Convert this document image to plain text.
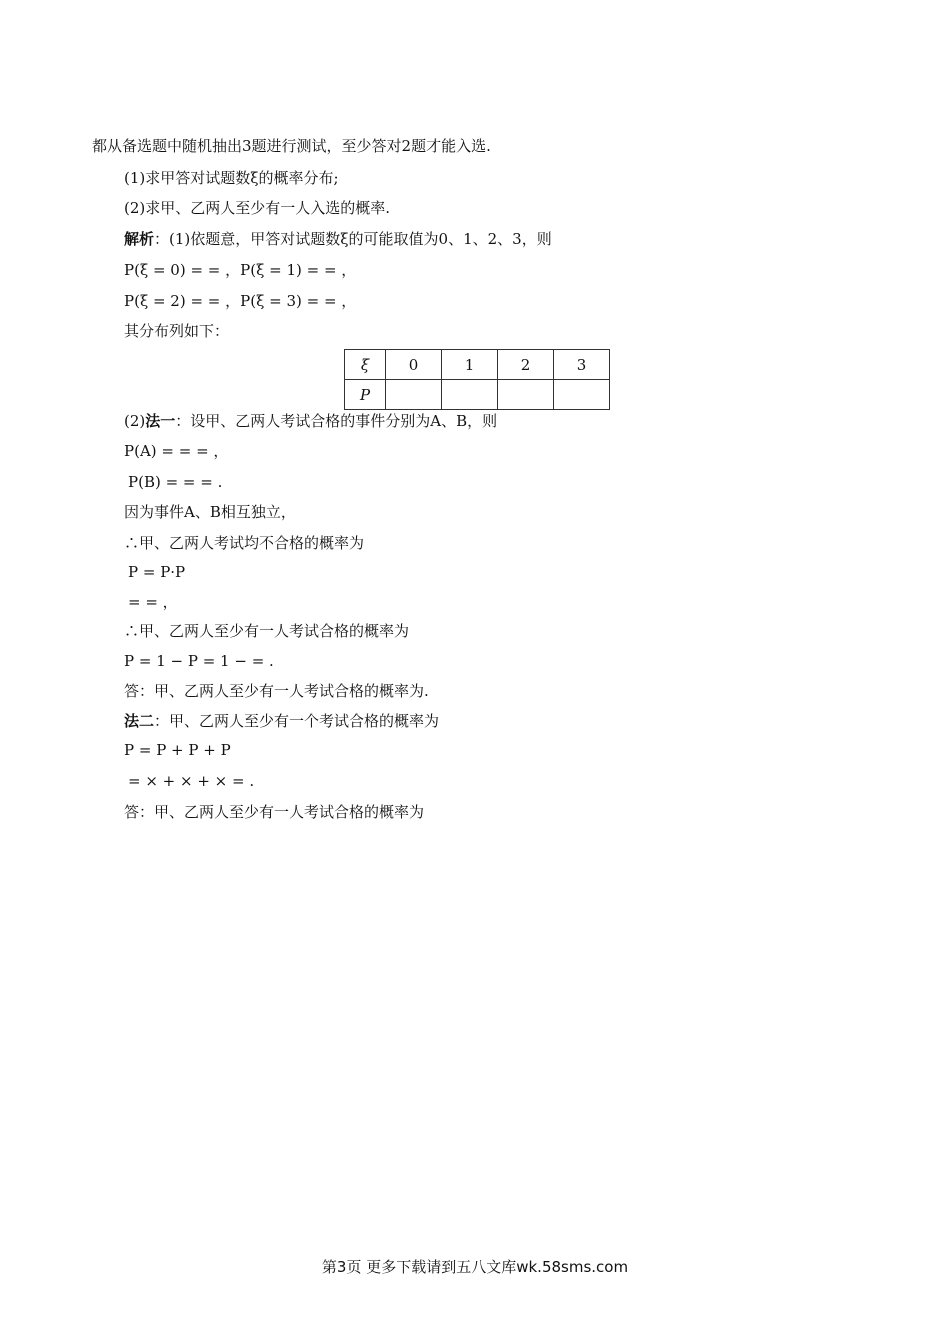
都从备选题中随机抽出3题进行测试，至少答对2题才能入选.
(1)求甲答对试题数ξ的概率分布;
(2)求甲、乙两人至少有一人入选的概率.
解析：(1)依题意，甲答对试题数ξ的可能取值为0、1、2、3，则
P(ξ = 0) = = ，P(ξ = 1) = = ，
P(ξ = 2) = = ，P(ξ = 3) = = ，
其分布列如下：
ξ	0	1	2	3
P				
(2)法一：设甲、乙两人考试合格的事件分别为A、B，则
P(A) = = = ，
P(B) = = = .
因为事件A、B相互独立，
∴甲、乙两人考试均不合格的概率为
P = P·P
= = ，
∴甲、乙两人至少有一人考试合格的概率为
P = 1 − P = 1 − = .
答：甲、乙两人至少有一人考试合格的概率为.
法二：甲、乙两人至少有一个考试合格的概率为
P = P + P + P
= × + × + × = .
答：甲、乙两人至少有一人考试合格的概率为
第3页 更多下载请到五八文库wk.58sms.com
